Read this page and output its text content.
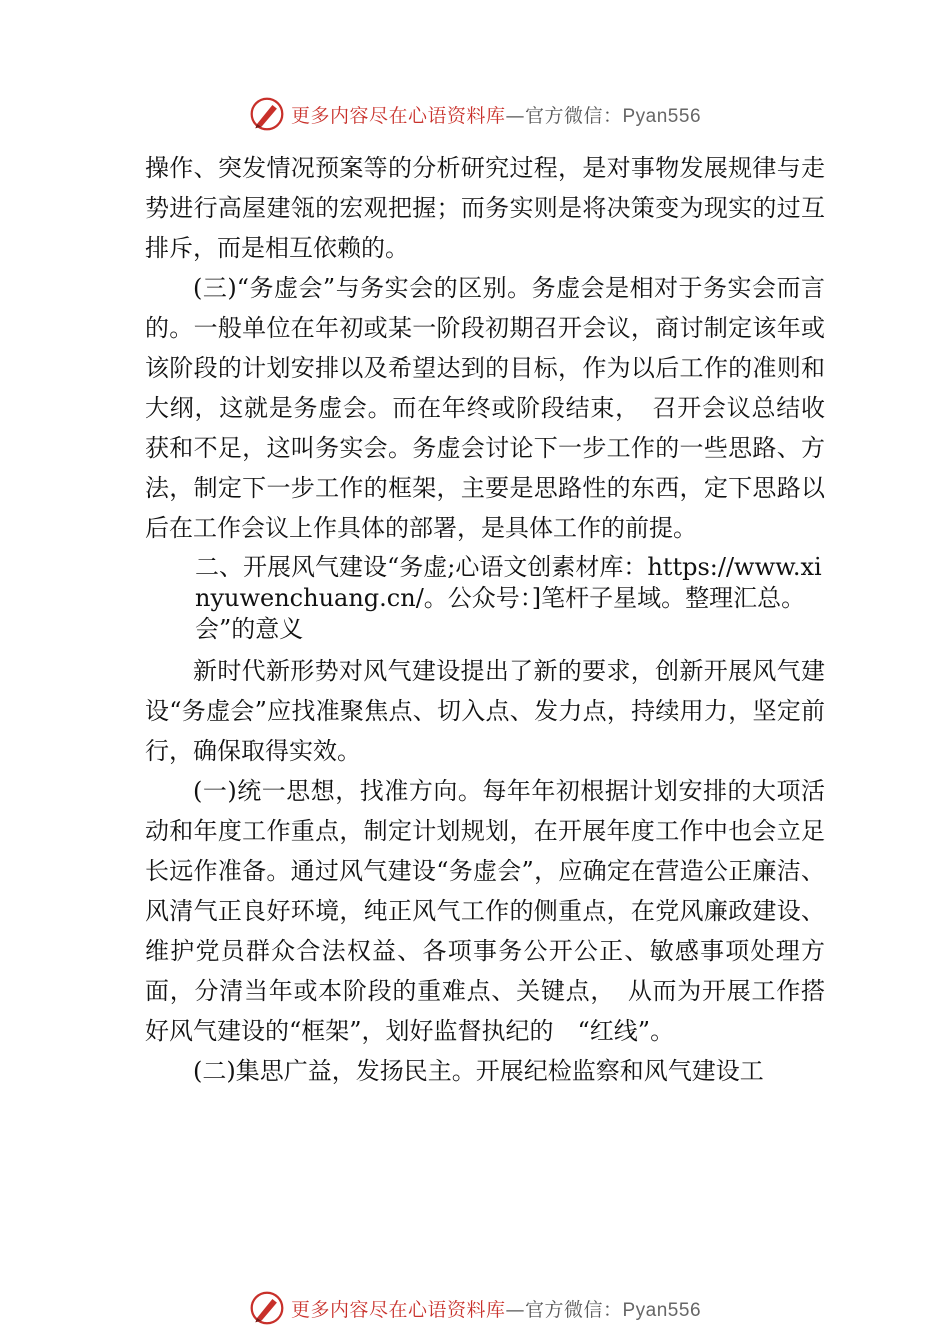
更多内容尽在心语资料库—官方微信：Pyan556

操作、突发情况预案等的分析研究过程，是对事物发展规律与走势进行高屋建瓴的宏观把握；而务实则是将决策变为现实的过互排斥，而是相互依赖的。

(三)“务虚会”与务实会的区别。务虚会是相对于务实会而言的。一般单位在年初或某一阶段初期召开会议，商讨制定该年或该阶段的计划安排以及希望达到的目标，作为以后工作的准则和大纲，这就是务虚会。而在年终或阶段结束，　召开会议总结收获和不足，这叫务实会。务虚会讨论下一步工作的一些思路、方法，制定下一步工作的框架，主要是思路性的东西，定下思路以后在工作会议上作具体的部署，是具体工作的前提。

二、开展风气建设“务虚;心语文创素材库：https://www.xinyuwenchuang.cn/。公众号：]笔杆子星域。整理汇总。会”的意义

新时代新形势对风气建设提出了新的要求，创新开展风气建设“务虚会”应找准聚焦点、切入点、发力点，持续用力，坚定前行，确保取得实效。

(一)统一思想，找准方向。每年年初根据计划安排的大项活动和年度工作重点，制定计划规划，在开展年度工作中也会立足长远作准备。通过风气建设“务虚会”，应确定在营造公正廉洁、风清气正良好环境，纯正风气工作的侧重点，在党风廉政建设、维护党员群众合法权益、各项事务公开公正、敏感事项处理方面，分清当年或本阶段的重难点、关键点，　从而为开展工作搭好风气建设的“框架”，划好监督执纪的　“红线”。

(二)集思广益，发扬民主。开展纪检监察和风气建设工

更多内容尽在心语资料库—官方微信：Pyan556
